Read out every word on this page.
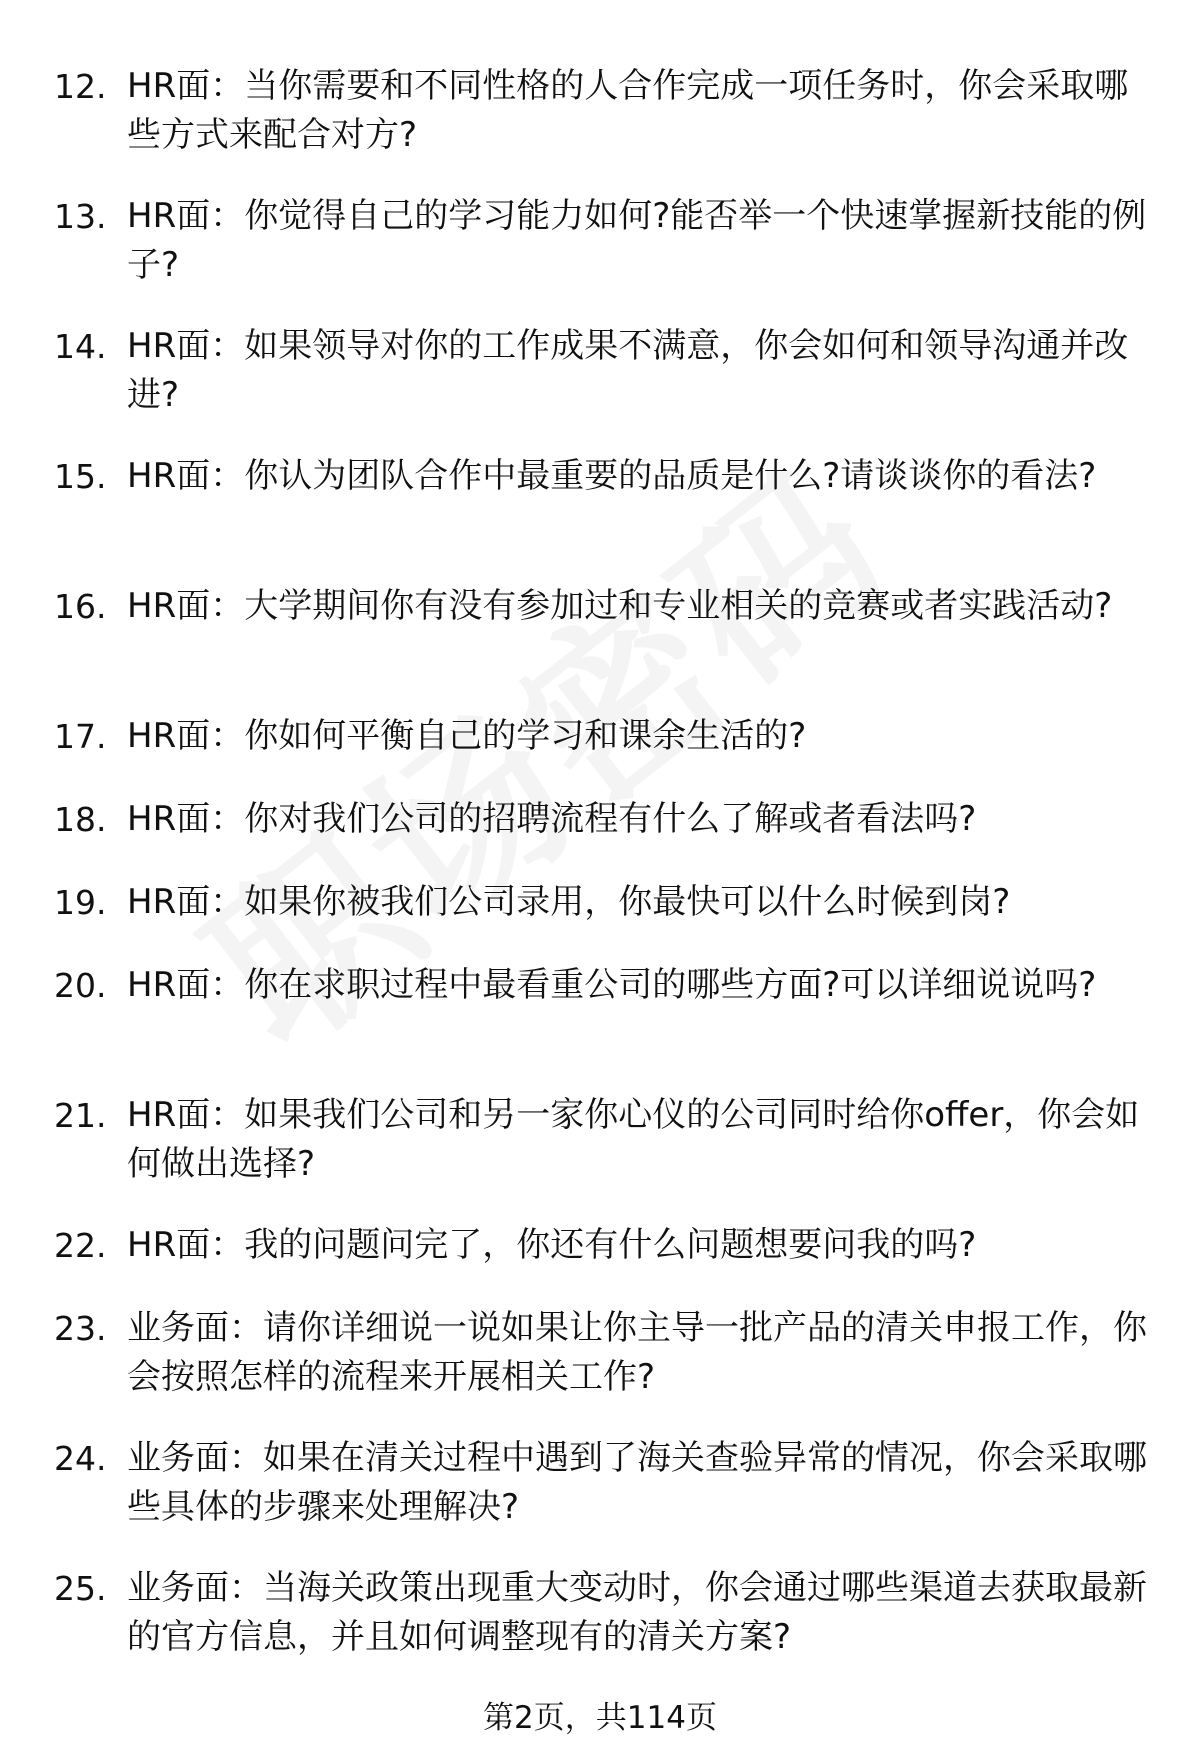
12. HR面：当你需要和不同性格的人合作完成一项任务时，你会采取哪些方式来配合对方?
13. HR面：你觉得自己的学习能力如何?能否举一个快速掌握新技能的例子?
14. HR面：如果领导对你的工作成果不满意，你会如何和领导沟通并改进?
15. HR面：你认为团队合作中最重要的品质是什么?请谈谈你的看法?
16. HR面：大学期间你有没有参加过和专业相关的竞赛或者实践活动?
17. HR面：你如何平衡自己的学习和课余生活的?
18. HR面：你对我们公司的招聘流程有什么了解或者看法吗?
19. HR面：如果你被我们公司录用，你最快可以什么时候到岗?
20. HR面：你在求职过程中最看重公司的哪些方面?可以详细说说吗?
21. HR面：如果我们公司和另一家你心仪的公司同时给你offer，你会如何做出选择?
22. HR面：我的问题问完了，你还有什么问题想要问我的吗?
23. 业务面：请你详细说一说如果让你主导一批产品的清关申报工作，你会按照怎样的流程来开展相关工作?
24. 业务面：如果在清关过程中遇到了海关查验异常的情况，你会采取哪些具体的步骤来处理解决?
25. 业务面：当海关政策出现重大变动时，你会通过哪些渠道去获取最新的官方信息，并且如何调整现有的清关方案?
第2页，共114页
